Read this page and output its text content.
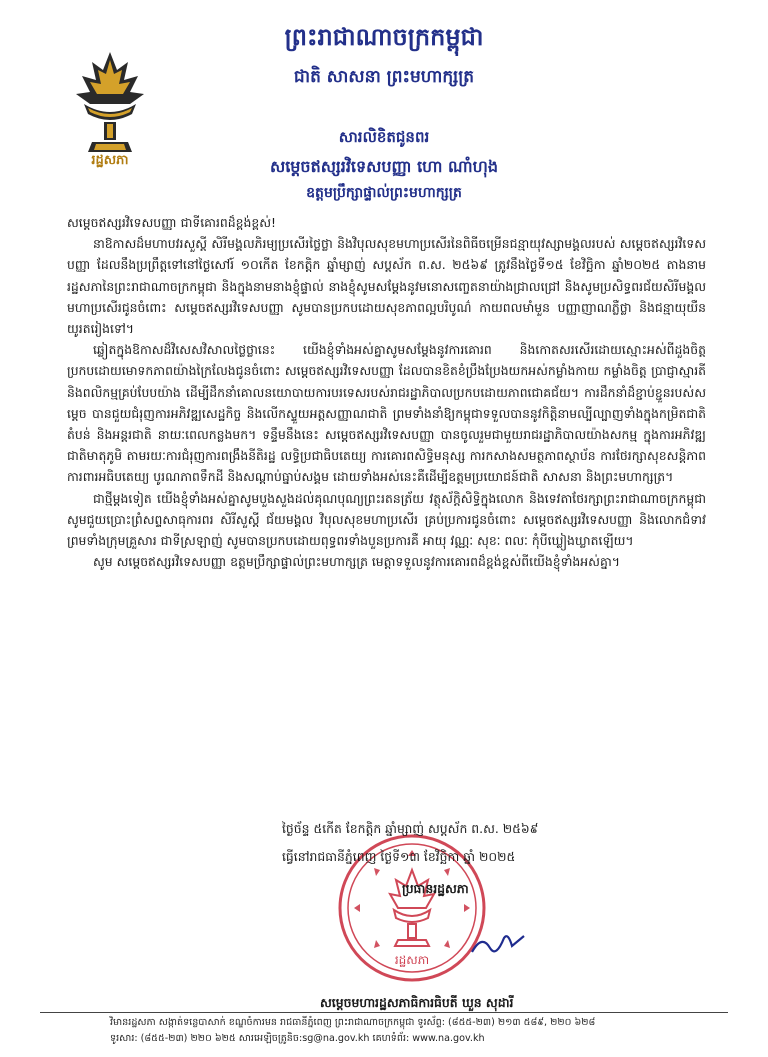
ព្រះរាជាណាចក្រកម្ពុជា
ជាតិ សាសនា ព្រះមហាក្សត្រ
រដ្ឋសភា
សារលិខិតជូនពរ
សម្តេចឥស្សរវិទេសបញ្ញា ហោ ណាំហុង
ឧត្តមប្រឹក្សាផ្ទាល់ព្រះមហាក្សត្រ

សម្តេចឥស្សរវិទេសបញ្ញា ជាទីគោរពដ៏ខ្ពង់ខ្ពស់!

នាឱកាសដ៏មហាបវរសួស្តី សិរីមង្គលភិរម្យប្រសើរថ្លៃថ្លា និងវិបុលសុខមហាប្រសើរនៃពិធីចម្រើនជន្មាយុវស្សាមង្គលរបស់ សម្តេចឥស្សរវិទេសបញ្ញា ដែលនឹងប្រព្រឹត្តទៅនៅថ្ងៃសៅរ៍ ១០កើត ខែកត្តិក ឆ្នាំម្សាញ់ សប្តស័ក ព.ស. ២៥៦៩ ត្រូវនឹងថ្ងៃទី១៥ ខែវិច្ឆិកា ឆ្នាំ២០២៥ តាងនាមរដ្ឋសភានៃព្រះរាជាណាចក្រកម្ពុជា និងក្នុងនាមនាងខ្ញុំផ្ទាល់ នាងខ្ញុំសូមសម្តែងនូវមនោសញ្ចេតនាយ៉ាងជ្រាលជ្រៅ និងសូមប្រសិទ្ធពរជ័យសិរីមង្គលមហាប្រសើរជូនចំពោះ សម្តេចឥស្សរវិទេសបញ្ញា សូមបានប្រកបដោយសុខភាពល្អបរិបូណ៌ កាយពលមាំមួន បញ្ញាញាណភ្លឺថ្លា និងជន្មាយុយឺនយូរតរៀងទៅ។

ឆ្លៀតក្នុងឱកាសដ៏វិសេសវិសាលថ្លៃថ្លានេះ យើងខ្ញុំទាំងអស់គ្នាសូមសម្តែងនូវការគោរព និងកោតសរសើរដោយស្មោះអស់ពីដួងចិត្តប្រកបដោយមោទកភាពយ៉ាងក្រៃលែងជូនចំពោះ សម្តេចឥស្សរវិទេសបញ្ញា ដែលបានខិតខំប្រឹងប្រែងយកអស់កម្លាំងកាយ កម្លាំងចិត្ត ប្រាជ្ញាស្មារតី និងពលិកម្មគ្រប់បែបយ៉ាង ដើម្បីដឹកនាំគោលនយោបាយការបរទេសរបស់រាជរដ្ឋាភិបាលប្រកបដោយភាពជោគជ័យ។ ការដឹកនាំដ៏ខ្ជាប់ខ្ជួនរបស់សម្តេច បានជួយជំរុញការអភិវឌ្ឍសេដ្ឋកិច្ច និងលើកស្ទួយអត្តសញ្ញាណជាតិ ព្រមទាំងនាំឱ្យកម្ពុជាទទួលបាននូវកិត្តិនាមល្បីល្បាញទាំងក្នុងកម្រិតជាតិ តំបន់ និងអន្តរជាតិ នាយៈពេលកន្លងមក។ ទន្ទឹមនឹងនេះ សម្តេចឥស្សរវិទេសបញ្ញា បានចូលរួមជាមួយរាជរដ្ឋាភិបាលយ៉ាងសកម្ម ក្នុងការអភិវឌ្ឍជាតិមាតុភូមិ តាមរយៈការជំរុញការពង្រឹងនីតិរដ្ឋ លទ្ធិប្រជាធិបតេយ្យ ការគោរពសិទ្ធិមនុស្ស ការកសាងសមត្ថភាពស្ថាប័ន ការថែរក្សាសុខសន្តិភាព ការពារអធិបតេយ្យ បូរណភាពទឹកដី និងសណ្តាប់ធ្នាប់សង្គម ដោយទាំងអស់នេះគឺដើម្បីឧត្តមប្រយោជន៍ជាតិ សាសនា និងព្រះមហាក្សត្រ។

ជាថ្មីម្តងទៀត យើងខ្ញុំទាំងអស់គ្នាសូមបួងសួងដល់គុណបុណ្យព្រះរតនត្រ័យ វត្ថុស័ក្តិសិទ្ធិក្នុងលោក និងទេវតាថែរក្សាព្រះរាជាណាចក្រកម្ពុជា សូមជួយប្រោះព្រំសព្ទសាធុការពរ សិរីសួស្តី ជ័យមង្គល វិបុលសុខមហាប្រសើរ គ្រប់ប្រការជូនចំពោះ សម្តេចឥស្សរវិទេសបញ្ញា និងលោកជំទាវ ព្រមទាំងក្រុមគ្រួសារ ជាទីស្រឡាញ់ សូមបានប្រកបដោយពុទ្ធពរទាំងបួនប្រការគឺ អាយុ វណ្ណៈ សុខៈ ពលៈ កុំបីឃ្លៀងឃ្លាតឡើយ។

សូម សម្តេចឥស្សរវិទេសបញ្ញា ឧត្តមប្រឹក្សាផ្ទាល់ព្រះមហាក្សត្រ មេត្តាទទួលនូវការគោរពដ៏ខ្ពង់ខ្ពស់ពីយើងខ្ញុំទាំងអស់គ្នា។

រដ្ឋសភា
ថ្ងៃច័ន្ទ ៥កើត ខែកត្តិក ឆ្នាំម្សាញ់ សប្តស័ក ព.ស. ២៥៦៩
ធ្វើនៅរាជធានីភ្នំពេញ ថ្ងៃទី១៣ ខែវិច្ឆិកា ឆ្នាំ ២០២៥
ប្រធានរដ្ឋសភា
សម្តេចមហារដ្ឋសភាធិការធិបតី ឃួន សុដារី
វិមានរដ្ឋសភា សង្កាត់ទន្លេបាសាក់ ខណ្ឌចំការមន រាជធានីភ្នំពេញ ព្រះរាជាណាចក្រកម្ពុជា ទូរស័ព្ទ: (៨៥៥-២៣) ២១៣ ៥៨៩, ២២០ ៦២៨
ទូរសារ: (៨៥៥-២៣) ២២០ ៦២៥ សារអេឡិចត្រូនិច:sg@na.gov.kh គេហទំព័រ: www.na.gov.kh
